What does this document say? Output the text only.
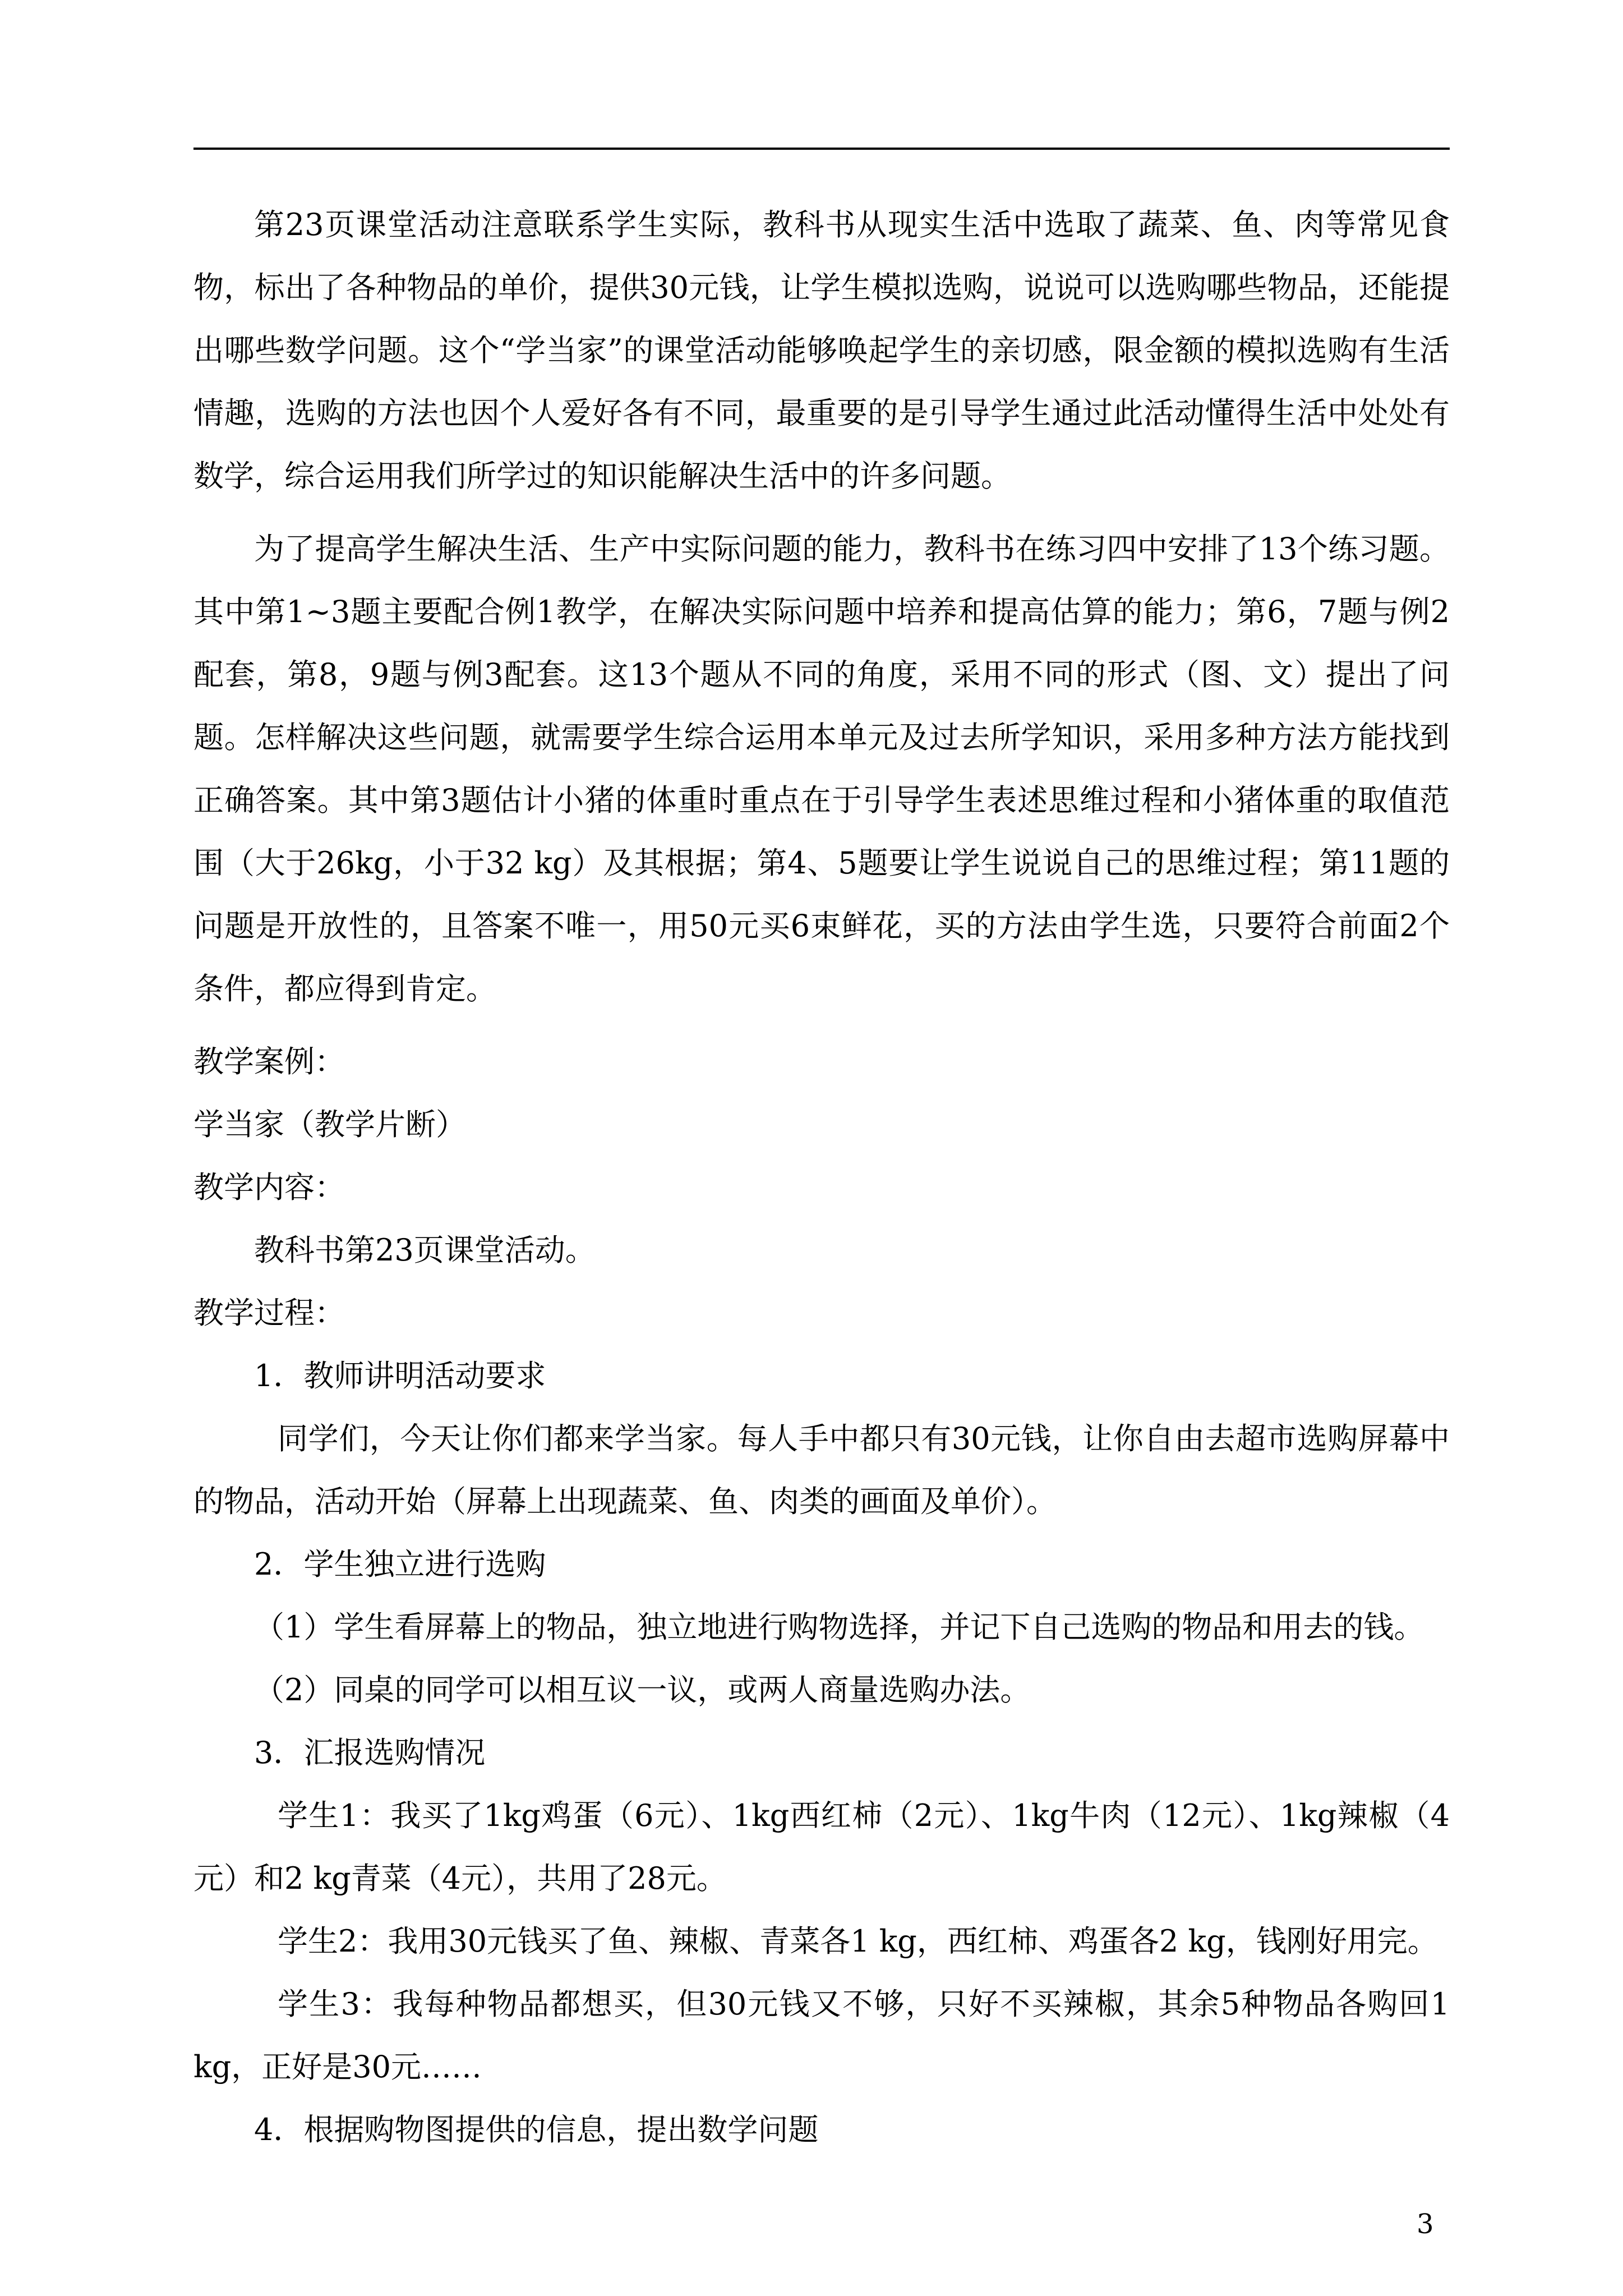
第23页课堂活动注意联系学生实际，教科书从现实生活中选取了蔬菜、鱼、肉等常见食物，标出了各种物品的单价，提供30元钱，让学生模拟选购，说说可以选购哪些物品，还能提出哪些数学问题。这个“学当家”的课堂活动能够唤起学生的亲切感，限金额的模拟选购有生活情趣，选购的方法也因个人爱好各有不同，最重要的是引导学生通过此活动懂得生活中处处有数学，综合运用我们所学过的知识能解决生活中的许多问题。

为了提高学生解决生活、生产中实际问题的能力，教科书在练习四中安排了13个练习题。其中第1~3题主要配合例1教学，在解决实际问题中培养和提高估算的能力；第6，7题与例2配套，第8，9题与例3配套。这13个题从不同的角度，采用不同的形式（图、文）提出了问题。怎样解决这些问题，就需要学生综合运用本单元及过去所学知识，采用多种方法方能找到正确答案。其中第3题估计小猪的体重时重点在于引导学生表述思维过程和小猪体重的取值范围（大于26kg，小于32 kg）及其根据；第4、5题要让学生说说自己的思维过程；第11题的问题是开放性的，且答案不唯一，用50元买6束鲜花，买的方法由学生选，只要符合前面2个条件，都应得到肯定。

教学案例：

学当家（教学片断）

教学内容：

教科书第23页课堂活动。

教学过程：

1．教师讲明活动要求

同学们，今天让你们都来学当家。每人手中都只有30元钱，让你自由去超市选购屏幕中的物品，活动开始（屏幕上出现蔬菜、鱼、肉类的画面及单价）。

2．学生独立进行选购

（1）学生看屏幕上的物品，独立地进行购物选择，并记下自己选购的物品和用去的钱。

（2）同桌的同学可以相互议一议，或两人商量选购办法。

3．汇报选购情况

学生1：我买了1kg鸡蛋（6元）、1kg西红柿（2元）、1kg牛肉（12元）、1kg辣椒（4元）和2 kg青菜（4元），共用了28元。

学生2：我用30元钱买了鱼、辣椒、青菜各1 kg，西红柿、鸡蛋各2 kg，钱刚好用完。

学生3：我每种物品都想买，但30元钱又不够，只好不买辣椒，其余5种物品各购回1 kg，正好是30元……

4．根据购物图提供的信息，提出数学问题

3
